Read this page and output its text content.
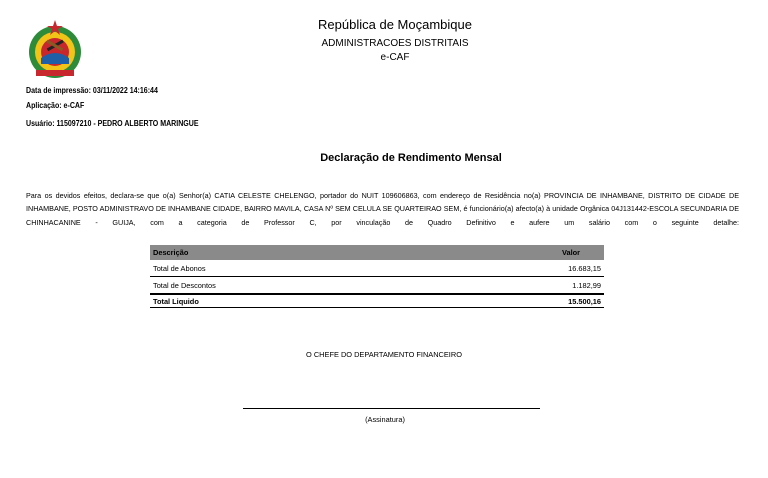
República de Moçambique
ADMINISTRACOES DISTRITAIS
e-CAF
Data de impressão: 03/11/2022 14:16:44
Aplicação: e-CAF
Usuário: 115097210 - PEDRO ALBERTO MARINGUE
Declaração de Rendimento Mensal
Para os devidos efeitos, declara-se que o(a) Senhor(a) CATIA CELESTE CHELENGO, portador do NUIT 109606863, com endereço de Residência no(a) PROVINCIA DE INHAMBANE, DISTRITO DE CIDADE DE INHAMBANE, POSTO ADMINISTRAVO DE INHAMBANE CIDADE, BAIRRO MAVILA, CASA Nº SEM CELULA SE QUARTEIRAO SEM, é funcionário(a) afecto(a) à unidade Orgânica 04J131442-ESCOLA SECUNDARIA DE CHINHACANINE - GUIJA, com a categoria de Professor C, por vinculação de Quadro Definitivo e aufere um salário com o seguinte detalhe:
Descrição	Valor
Total de Abonos	16.683,15
Total de Descontos	1.182,99
Total Liquido	15.500,16
O CHEFE DO DEPARTAMENTO FINANCEIRO
(Assinatura)
